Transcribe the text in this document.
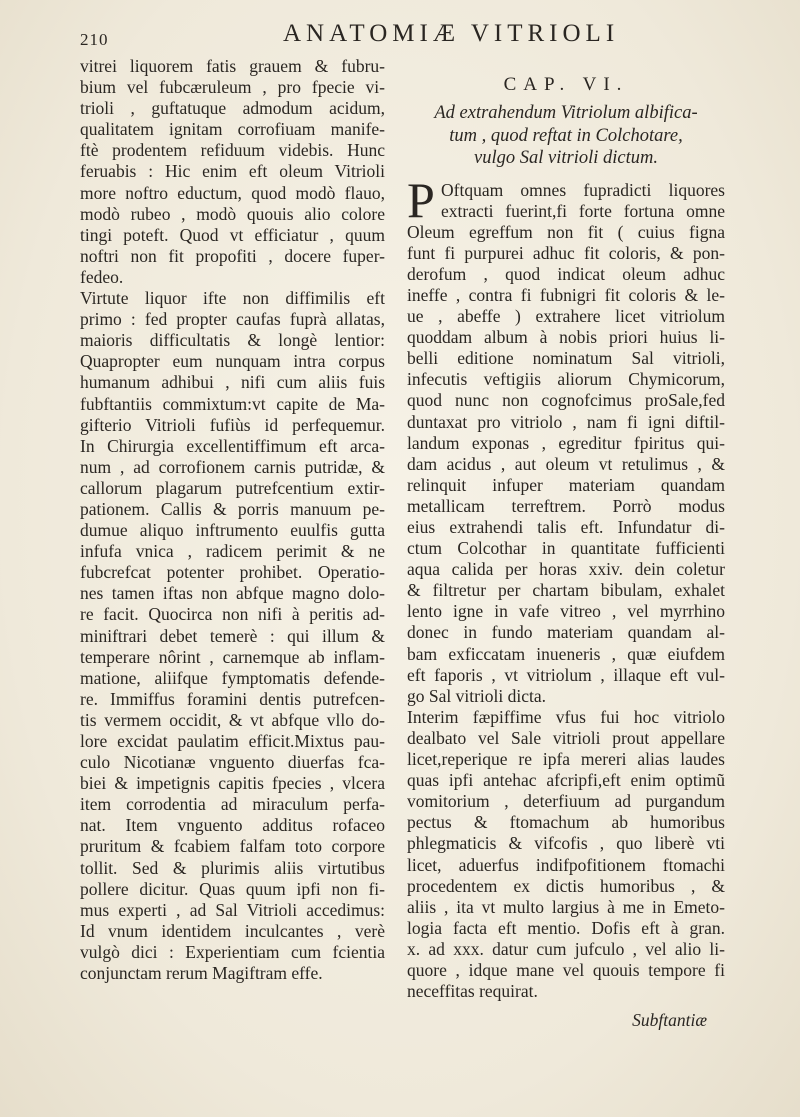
210	ANATOMIÆ VITRIOLI
vitrei liquorem fatis grauem & fubru-
bium vel fubcæruleum , pro fpecie vi-
trioli , guftatuque admodum acidum,
qualitatem ignitam corrofiuam manife-
ftè prodentem refiduum videbis. Hunc
feruabis : Hic enim eft oleum Vitrioli
more noftro eductum, quod modò flauo,
modò rubeo , modò quouis alio colore
tingi poteft. Quod vt efficiatur , quum
noftri non fit propofiti , docere fuper-
fedeo.
Virtute liquor ifte non diffimilis eft
primo : fed propter caufas fuprà allatas,
maioris difficultatis & longè lentior:
Quapropter eum nunquam intra corpus
humanum adhibui , nifi cum aliis fuis
fubftantiis commixtum:vt capite de Ma-
gifterio Vitrioli fufiùs id perfequemur.
In Chirurgia excellentiffimum eft arca-
num , ad corrofionem carnis putridæ, &
callorum plagarum putrefcentium extir-
pationem. Callis & porris manuum pe-
dumue aliquo inftrumento euulfis gutta
infufa vnica , radicem perimit & ne
fubcrefcat potenter prohibet. Operatio-
nes tamen iftas non abfque magno dolo-
re facit. Quocirca non nifi à peritis ad-
miniftrari debet temerè : qui illum &
temperare nôrint , carnemque ab inflam-
matione, aliifque fymptomatis defende-
re. Immiffus foramini dentis putrefcen-
tis vermem occidit, & vt abfque vllo do-
lore excidat paulatim efficit.Mixtus pau-
culo Nicotianæ vnguento diuerfas fca-
biei & impetignis capitis fpecies , vlcera
item corrodentia ad miraculum perfa-
nat. Item vnguento additus rofaceo
pruritum & fcabiem falfam toto corpore
tollit. Sed & plurimis aliis virtutibus
pollere dicitur. Quas quum ipfi non fi-
mus experti , ad Sal Vitrioli accedimus:
Id vnum identidem inculcantes , verè
vulgò dici : Experientiam cum fcientia
conjunctam rerum Magiftram effe.
CAP. VI.
Ad extrahendum Vitriolum albifica-
tum , quod reftat in Colchotare,
vulgo Sal vitrioli dictum.
P Oftquam omnes fupradicti liquores
extracti fuerint,fi forte fortuna omne
Oleum egreffum non fit ( cuius figna
funt fi purpurei adhuc fit coloris, & pon-
derofum , quod indicat oleum adhuc
ineffe , contra fi fubnigri fit coloris & le-
ue , abeffe ) extrahere licet vitriolum
quoddam album à nobis priori huius li-
belli editione nominatum Sal vitrioli,
infecutis veftigiis aliorum Chymicorum,
quod nunc non cognofcimus proSale,fed
duntaxat pro vitriolo , nam fi igni diftil-
landum exponas , egreditur fpiritus qui-
dam acidus , aut oleum vt retulimus , &
relinquit infuper materiam quandam
metallicam terreftrem. Porrò modus
eius extrahendi talis eft. Infundatur di-
ctum Colcothar in quantitate fufficienti
aqua calida per horas xxiv. dein coletur
& filtretur per chartam bibulam, exhalet
lento igne in vafe vitreo , vel myrrhino
donec in fundo materiam quandam al-
bam exficcatam inueneris , quæ eiufdem
eft faporis , vt vitriolum , illaque eft vul-
go Sal vitrioli dicta.
Interim fæpiffime vfus fui hoc vitriolo
dealbato vel Sale vitrioli prout appellare
licet,reperique re ipfa mereri alias laudes
quas ipfi antehac afcripfi,eft enim optimũ
vomitorium , deterfiuum ad purgandum
pectus & ftomachum ab humoribus
phlegmaticis & vifcofis , quo liberè vti
licet, aduerfus indifpofitionem ftomachi
procedentem ex dictis humoribus , &
aliis , ita vt multo largius à me in Emeto-
logia facta eft mentio. Dofis eft à gran.
x. ad xxx. datur cum jufculo , vel alio li-
quore , idque mane vel quouis tempore fi
neceffitas requirat.
Subftantiæ
